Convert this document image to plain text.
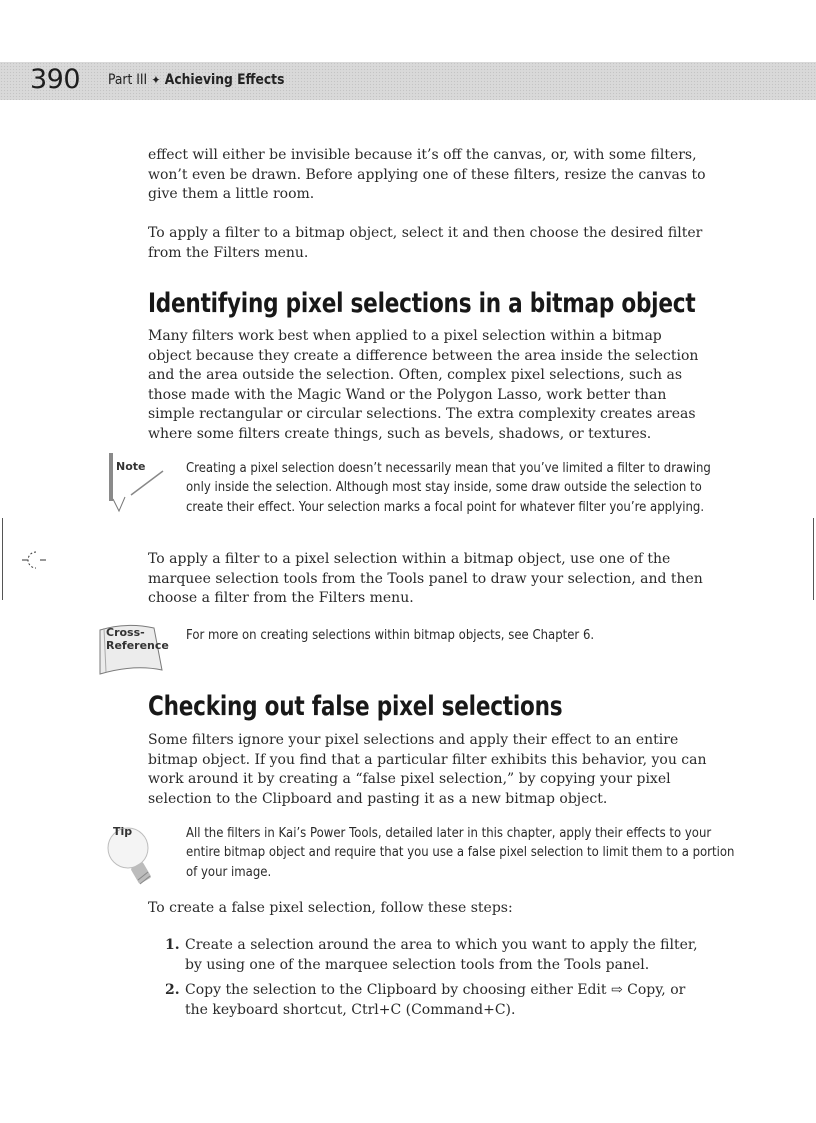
390 Part III ✦ Achieving Effects
effect will either be invisible because it’s off the canvas, or, with some filters, won’t even be drawn. Before applying one of these filters, resize the canvas to give them a little room.
To apply a filter to a bitmap object, select it and then choose the desired filter from the Filters menu.
Identifying pixel selections in a bitmap object
Many filters work best when applied to a pixel selection within a bitmap object because they create a difference between the area inside the selection and the area outside the selection. Often, complex pixel selections, such as those made with the Magic Wand or the Polygon Lasso, work better than simple rectangular or circular selections. The extra complexity creates areas where some filters create things, such as bevels, shadows, or textures.
Note	Creating a pixel selection doesn’t necessarily mean that you’ve limited a filter to drawing only inside the selection. Although most stay inside, some draw outside the selection to create their effect. Your selection marks a focal point for whatever filter you’re applying.
To apply a filter to a pixel selection within a bitmap object, use one of the marquee selection tools from the Tools panel to draw your selection, and then choose a filter from the Filters menu.
Cross-
Reference
For more on creating selections within bitmap objects, see Chapter 6.
Checking out false pixel selections
Some filters ignore your pixel selections and apply their effect to an entire bitmap object. If you find that a particular filter exhibits this behavior, you can work around it by creating a “false pixel selection,” by copying your pixel selection to the Clipboard and pasting it as a new bitmap object.
Tip	All the filters in Kai’s Power Tools, detailed later in this chapter, apply their effects to your entire bitmap object and require that you use a false pixel selection to limit them to a portion of your image.
To create a false pixel selection, follow these steps:
1. Create a selection around the area to which you want to apply the filter, by using one of the marquee selection tools from the Tools panel.
2. Copy the selection to the Clipboard by choosing either Edit ⇨ Copy, or the keyboard shortcut, Ctrl+C (Command+C).
